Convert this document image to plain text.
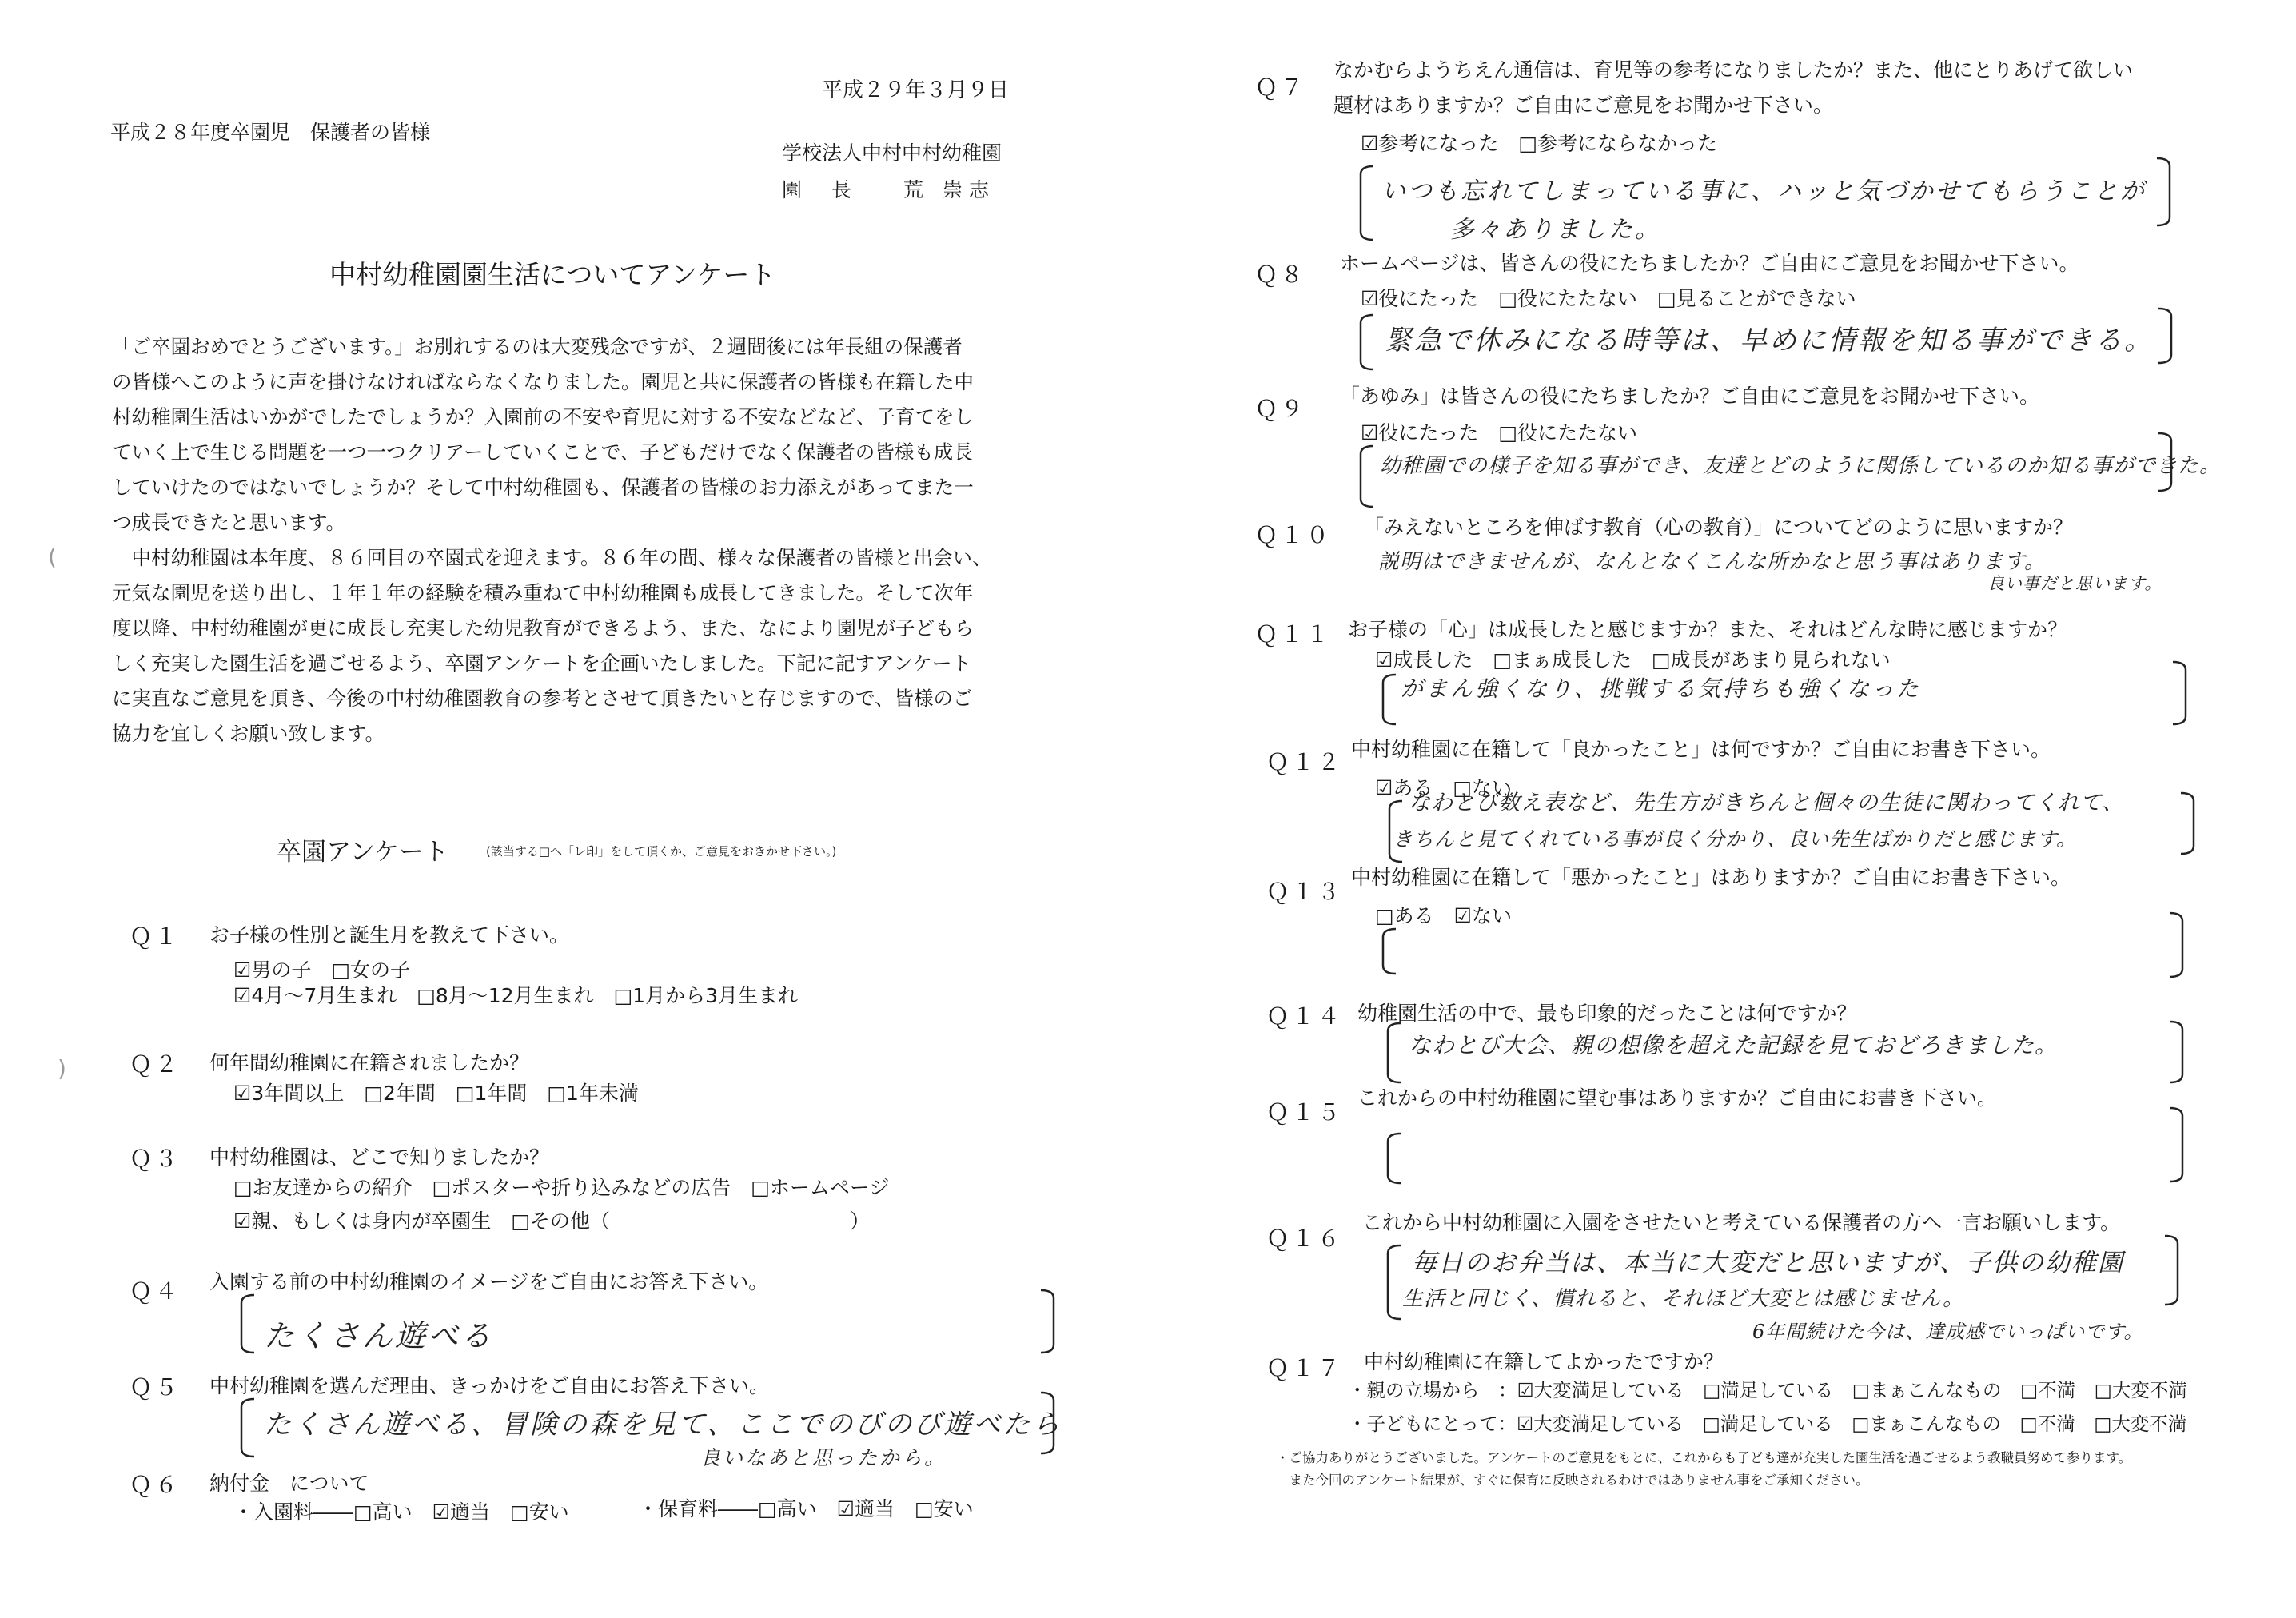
平成２９年３月９日
平成２８年度卒園児　保護者の皆様
学校法人中村中村幼稚園
園　長 荒 崇志
中村幼稚園園生活についてアンケート

「ご卒園おめでとうございます。」お別れするのは大変残念ですが、２週間後には年長組の保護者

の皆様へこのように声を掛けなければならなくなりました。園児と共に保護者の皆様も在籍した中

村幼稚園生活はいかがでしたでしょうか？入園前の不安や育児に対する不安などなど、子育てをし

ていく上で生じる問題を一つ一つクリアーしていくことで、子どもだけでなく保護者の皆様も成長

していけたのではないでしょうか？そして中村幼稚園も、保護者の皆様のお力添えがあってまた一

つ成長できたと思います。

　中村幼稚園は本年度、８６回目の卒園式を迎えます。８６年の間、様々な保護者の皆様と出会い、

元気な園児を送り出し、１年１年の経験を積み重ねて中村幼稚園も成長してきました。そして次年

度以降、中村幼稚園が更に成長し充実した幼児教育ができるよう、また、なにより園児が子どもら

しく充実した園生活を過ごせるよう、卒園アンケートを企画いたしました。下記に記すアンケート

に実直なご意見を頂き、今後の中村幼稚園教育の参考とさせて頂きたいと存じますので、皆様のご

協力を宜しくお願い致します。

(
)
卒園アンケート	(該当する□へ「レ印」をして頂くか、ご意見をおきかせ下さい。)
Ｑ１ お子様の性別と誕生月を教えて下さい。
☑男の子　□女の子
☑4月～7月生まれ　□8月～12月生まれ　□1月から3月生まれ
Ｑ２ 何年間幼稚園に在籍されましたか？
☑3年間以上　□2年間　□1年間　□1年未満
Ｑ３ 中村幼稚園は、どこで知りましたか？
□お友達からの紹介　□ポスターや折り込みなどの広告　□ホームページ
☑親、もしくは身内が卒園生　□その他（　　　　　　　　　　　　）
Ｑ４ 入園する前の中村幼稚園のイメージをご自由にお答え下さい。
たくさん遊べる
Ｑ５ 中村幼稚園を選んだ理由、きっかけをご自由にお答え下さい。
たくさん遊べる、冒険の森を見て、ここでのびのび遊べたら
良いなあと思ったから。
Ｑ６ 納付金　について
・入園料――□高い　☑適当　□安い	・保育料――□高い　☑適当　□安い
Ｑ７
なかむらようちえん通信は、育児等の参考になりましたか？また、他にとりあげて欲しい
題材はありますか？ご自由にご意見をお聞かせ下さい。
☑参考になった　□参考にならなかった
いつも忘れてしまっている事に、ハッと気づかせてもらうことが
多々ありました。
Ｑ８ ホームページは、皆さんの役にたちましたか？ご自由にご意見をお聞かせ下さい。
☑役にたった　□役にたたない　□見ることができない
緊急で休みになる時等は、早めに情報を知る事ができる。
Ｑ９ 「あゆみ」は皆さんの役にたちましたか？ご自由にご意見をお聞かせ下さい。
☑役にたった　□役にたたない
幼稚園での様子を知る事ができ、友達とどのように関係しているのか知る事ができた。
Ｑ１０ 「みえないところを伸ばす教育（心の教育）」についてどのように思いますか？
説明はできませんが、なんとなくこんな所かなと思う事はあります。
良い事だと思います。
Ｑ１１ お子様の「心」は成長したと感じますか？また、それはどんな時に感じますか？
☑成長した　□まぁ成長した　□成長があまり見られない
がまん強くなり、挑戦する気持ちも強くなった
Ｑ１２ 中村幼稚園に在籍して「良かったこと」は何ですか？ご自由にお書き下さい。
☑ある　□ない
なわとび数え表など、先生方がきちんと個々の生徒に関わってくれて、
きちんと見てくれている事が良く分かり、良い先生ばかりだと感じます。
Ｑ１３
中村幼稚園に在籍して「悪かったこと」はありますか？ご自由にお書き下さい。
□ある　☑ない
Ｑ１４ 幼稚園生活の中で、最も印象的だったことは何ですか？
なわとび大会、親の想像を超えた記録を見ておどろきました。
Ｑ１５
これからの中村幼稚園に望む事はありますか？ご自由にお書き下さい。
Ｑ１６
これから中村幼稚園に入園をさせたいと考えている保護者の方へ一言お願いします。
毎日のお弁当は、本当に大変だと思いますが、子供の幼稚園
生活と同じく、慣れると、それほど大変とは感じません。
6年間続けた今は、達成感でいっぱいです。
Ｑ１７ 中村幼稚園に在籍してよかったですか？
・親の立場から　：☑大変満足している　□満足している　□まぁこんなもの　□不満　□大変不満
・子どもにとって：☑大変満足している　□満足している　□まぁこんなもの　□不満　□大変不満
・ご協力ありがとうございました。アンケートのご意見をもとに、これからも子ども達が充実した園生活を過ごせるよう教職員努めて参ります。
　また今回のアンケート結果が、すぐに保育に反映されるわけではありません事をご承知ください。
